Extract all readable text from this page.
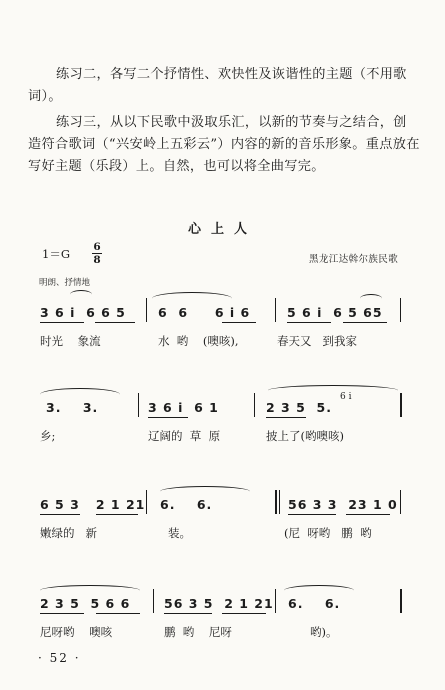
练习二，各写二个抒情性、欢快性及诙谐性的主题（不用歌词）。

练习三，从以下民歌中汲取乐汇，以新的节奏与之结合，创造符合歌词（“兴安岭上五彩云”）内容的新的音乐形象。重点放在写好主题（乐段）上。自然，也可以将全曲写完。

心上人
1＝G 6
8	黑龙江达斡尔族民歌
明朗、抒情地
3 6 i  6 6 5	6  6     6 i 6	5 6 i  6 5 65
时光    象流	水  哟    (噢咳),	春天又   到我家
3.    3.	3 6 i  6 1	2 3 5  5.
6 i
乡;	辽阔的  草  原	披上了(哟噢咳)
6 5 3   2 1 21 6.    6.	56 3 3  23 1 0
嫩绿的   新	装。	(尼  呀哟   鹏  哟
2 3 5  5 6 6	56 3 5  2 1 21 6.    6.
尼呀哟    噢咳	鹏  哟    尼呀	哟)。
· 52 ·
